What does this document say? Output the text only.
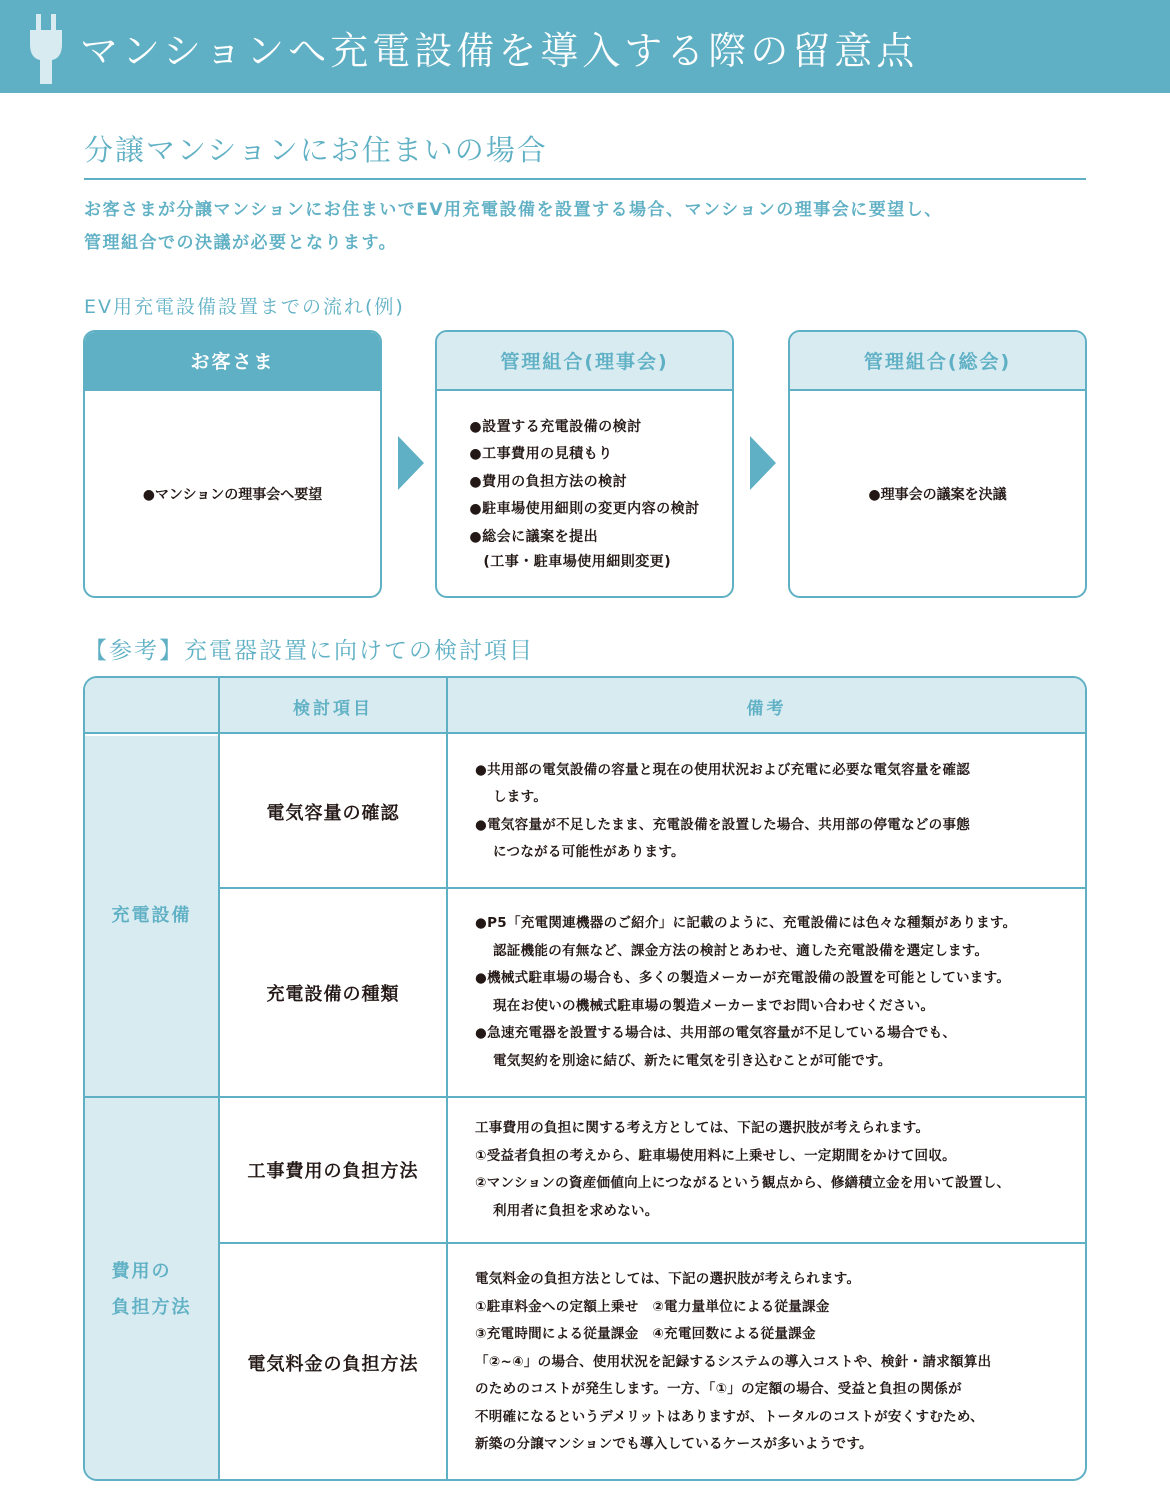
マンションへ充電設備を導入する際の留意点
分譲マンションにお住まいの場合

お客さまが分譲マンションにお住まいでEV用充電設備を設置する場合、マンションの理事会に要望し、

管理組合での決議が必要となります。

EV用充電設備設置までの流れ(例)
お客さま
●マンションの理事会へ要望
管理組合(理事会)
●設置する充電設備の検討
●工事費用の見積もり
●費用の負担方法の検討
●駐車場使用細則の変更内容の検討
●総会に議案を提出
(工事・駐車場使用細則変更)
管理組合(総会)
●理事会の議案を決議
【参考】充電器設置に向けての検討項目
検討項目	備考
充電設備
費用の
負担方法
電気容量の確認

●共用部の電気設備の容量と現在の使用状況および充電に必要な電気容量を確認

します。

●電気容量が不足したまま、充電設備を設置した場合、共用部の停電などの事態

につながる可能性があります。

充電設備の種類

●P5「充電関連機器のご紹介」に記載のように、充電設備には色々な種類があります。

認証機能の有無など、課金方法の検討とあわせ、適した充電設備を選定します。

●機械式駐車場の場合も、多くの製造メーカーが充電設備の設置を可能としています。

現在お使いの機械式駐車場の製造メーカーまでお問い合わせください。

●急速充電器を設置する場合は、共用部の電気容量が不足している場合でも、

電気契約を別途に結び、新たに電気を引き込むことが可能です。

工事費用の負担方法

工事費用の負担に関する考え方としては、下記の選択肢が考えられます。

①受益者負担の考えから、駐車場使用料に上乗せし、一定期間をかけて回収。

②マンションの資産価値向上につながるという観点から、修繕積立金を用いて設置し、

利用者に負担を求めない。

電気料金の負担方法

電気料金の負担方法としては、下記の選択肢が考えられます。

①駐車料金への定額上乗せ　②電力量単位による従量課金

③充電時間による従量課金　④充電回数による従量課金

「②~④」の場合、使用状況を記録するシステムの導入コストや、検針・請求額算出

のためのコストが発生します。一方、「①」の定額の場合、受益と負担の関係が

不明確になるというデメリットはありますが、トータルのコストが安くすむため、

新築の分譲マンションでも導入しているケースが多いようです。
